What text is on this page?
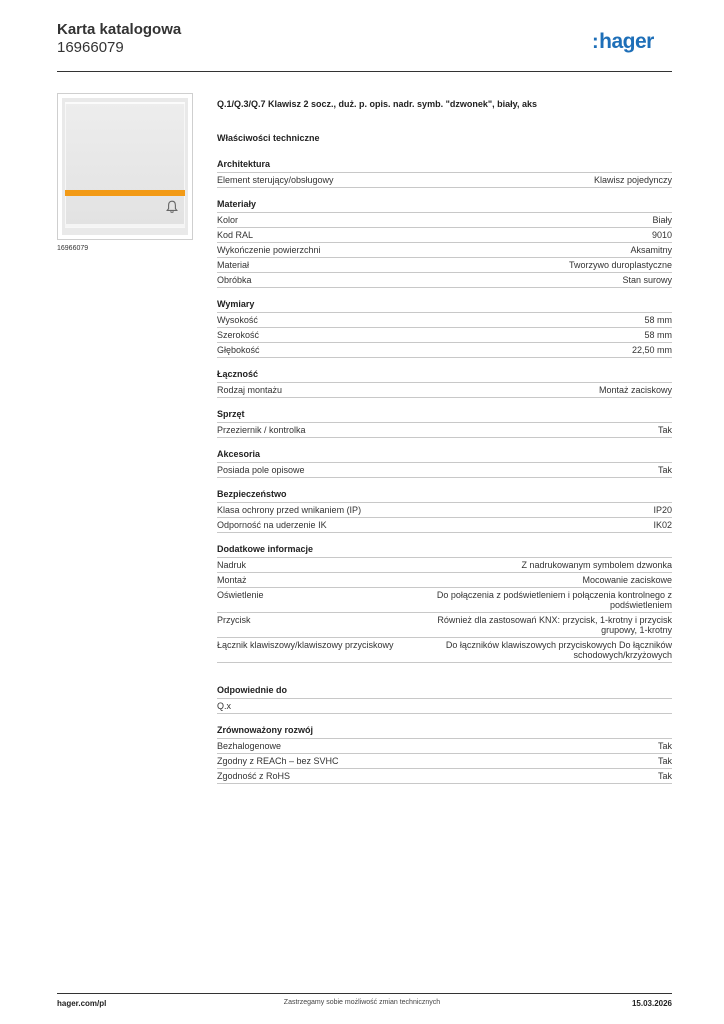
Karta katalogowa
16966079	:hager
16966079
Q.1/Q.3/Q.7 Klawisz 2 socz., duż. p. opis. nadr. symb. "dzwonek", biały, aks
Właściwości techniczne
Architektura
Element sterujący/obsługowy	Klawisz pojedynczy
Materiały
Kolor	Biały
Kod RAL	9010
Wykończenie powierzchni	Aksamitny
Materiał	Tworzywo duroplastyczne
Obróbka	Stan surowy
Wymiary
Wysokość	58 mm
Szerokość	58 mm
Głębokość	22,50 mm
Łączność
Rodzaj montażu	Montaż zaciskowy
Sprzęt
Przeziernik / kontrolka	Tak
Akcesoria
Posiada pole opisowe	Tak
Bezpieczeństwo
Klasa ochrony przed wnikaniem (IP)	IP20
Odporność na uderzenie IK	IK02
Dodatkowe informacje
Nadruk	Z nadrukowanym symbolem dzwonka
Montaż	Mocowanie zaciskowe
Oświetlenie	Do połączenia z podświetleniem i połączenia kontrolnego z podświetleniem
Przycisk	Również dla zastosowań KNX: przycisk, 1-krotny i przycisk grupowy, 1-krotny
Łącznik klawiszowy/klawiszowy przyciskowy	Do łączników klawiszowych przyciskowych Do łączników schodowych/krzyżowych
Odpowiednie do
Q.x
Zrównoważony rozwój
Bezhalogenowe	Tak
Zgodny z REACh – bez SVHC	Tak
Zgodność z RoHS	Tak
hager.com/pl	Zastrzegamy sobie możliwość zmian technicznych	15.03.2026
